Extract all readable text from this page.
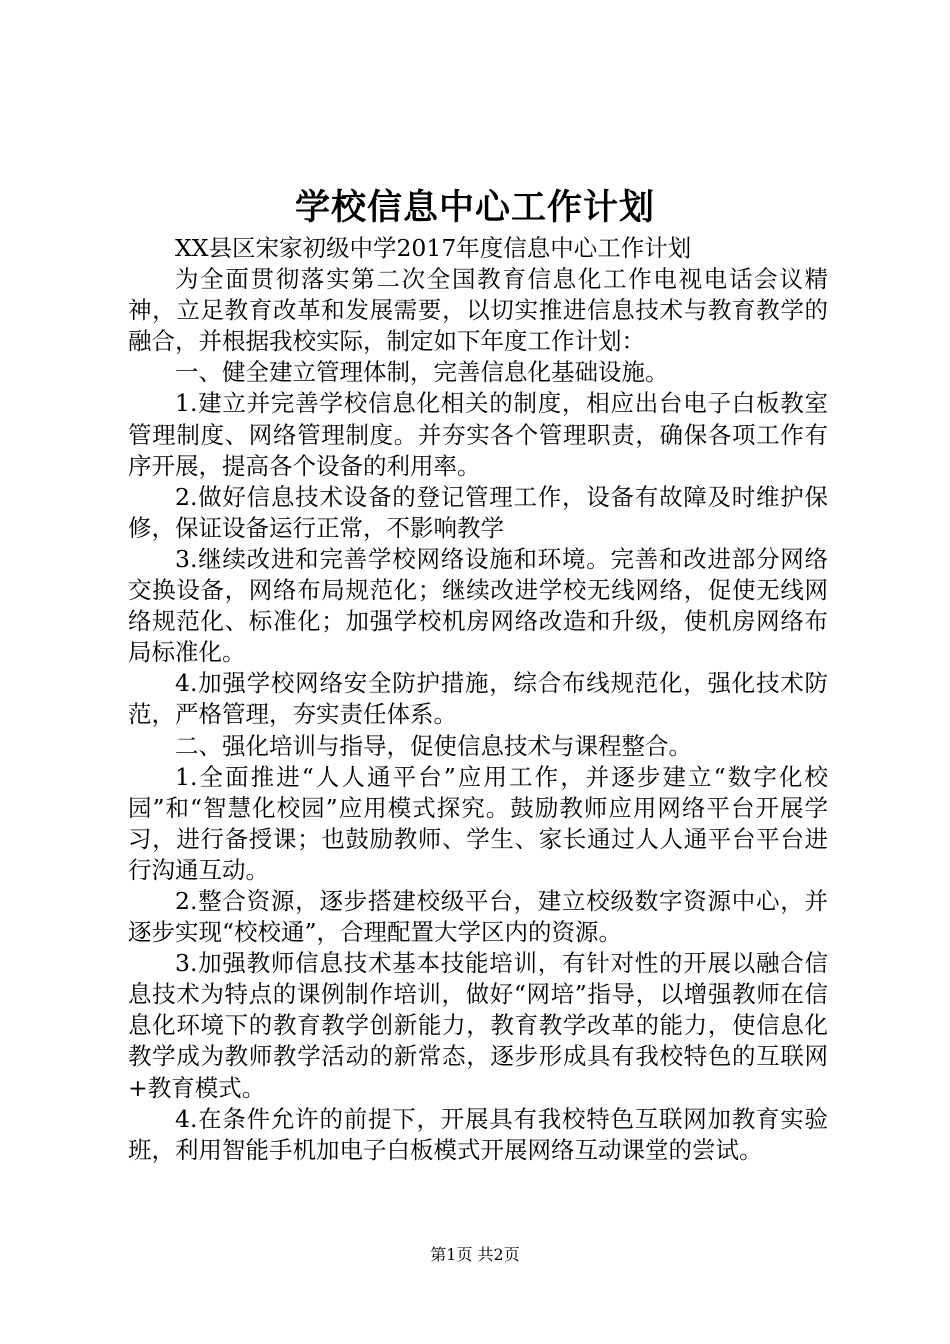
学校信息中心工作计划

XX县区宋家初级中学2017年度信息中心工作计划

为全面贯彻落实第二次全国教育信息化工作电视电话会议精神，立足教育改革和发展需要，以切实推进信息技术与教育教学的融合，并根据我校实际，制定如下年度工作计划：

一、健全建立管理体制，完善信息化基础设施。

1.建立并完善学校信息化相关的制度，相应出台电子白板教室管理制度、网络管理制度。并夯实各个管理职责，确保各项工作有序开展，提高各个设备的利用率。

2.做好信息技术设备的登记管理工作，设备有故障及时维护保修，保证设备运行正常，不影响教学

3.继续改进和完善学校网络设施和环境。完善和改进部分网络交换设备，网络布局规范化；继续改进学校无线网络，促使无线网络规范化、标准化；加强学校机房网络改造和升级，使机房网络布局标准化。

4.加强学校网络安全防护措施，综合布线规范化，强化技术防范，严格管理，夯实责任体系。

二、强化培训与指导，促使信息技术与课程整合。

1.全面推进“人人通平台”应用工作，并逐步建立“数字化校园”和“智慧化校园”应用模式探究。鼓励教师应用网络平台开展学习，进行备授课；也鼓励教师、学生、家长通过人人通平台平台进行沟通互动。

2.整合资源，逐步搭建校级平台，建立校级数字资源中心，并逐步实现“校校通”，合理配置大学区内的资源。

3.加强教师信息技术基本技能培训，有针对性的开展以融合信息技术为特点的课例制作培训，做好“网培”指导，以增强教师在信息化环境下的教育教学创新能力，教育教学改革的能力，使信息化教学成为教师教学活动的新常态，逐步形成具有我校特色的互联网+教育模式。

4.在条件允许的前提下，开展具有我校特色互联网加教育实验班，利用智能手机加电子白板模式开展网络互动课堂的尝试。

第1页 共2页
